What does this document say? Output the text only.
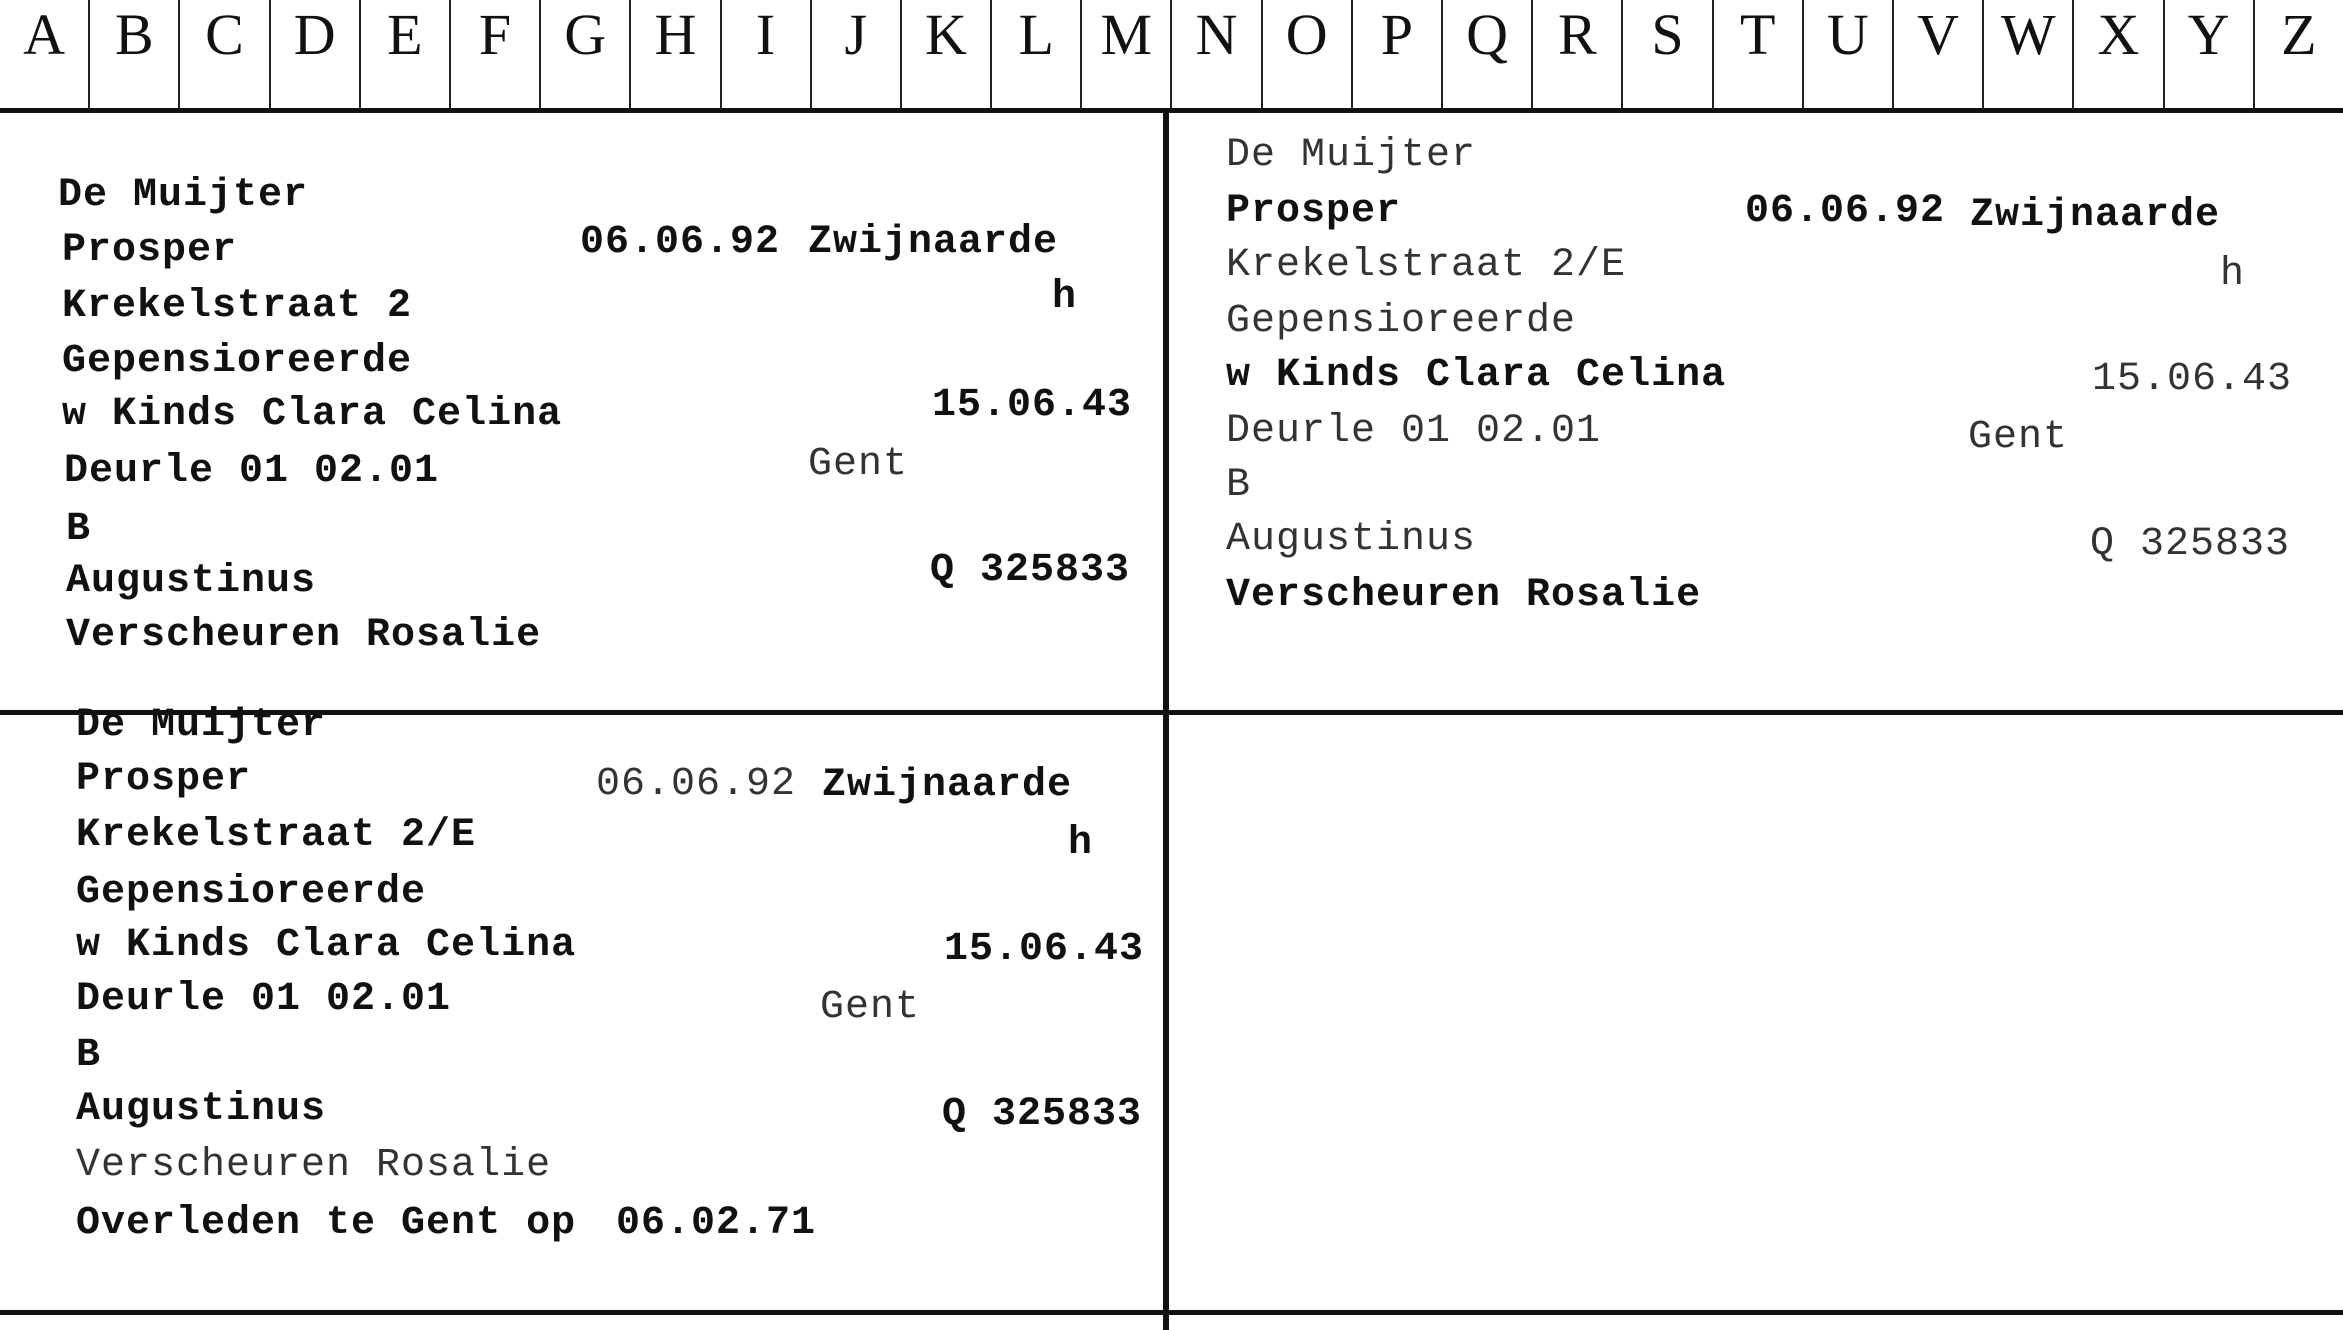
A B C D E F G H	I	J K L M N O P Q R S T U V W X Y Z
De Muijter
Prosper	06.06.92 Zwijnaarde
Krekelstraat 2	h
Gepensioreerde
w Kinds Clara Celina	15.06.43
Deurle 01 02.01	Gent
B
Augustinus	Q 325833
Verscheuren Rosalie
De Muijter
Prosper	06.06.92 Zwijnaarde
Krekelstraat 2/E	h
Gepensioreerde
w Kinds Clara Celina	15.06.43
Deurle 01 02.01	Gent
B
Augustinus	Q 325833
Verscheuren Rosalie
De Muijter
Prosper	06.06.92 Zwijnaarde
Krekelstraat 2/E	h
Gepensioreerde
w Kinds Clara Celina	15.06.43
Deurle 01 02.01	Gent
B
Augustinus	Q 325833
Verscheuren Rosalie
Overleden te Gent op 06.02.71
